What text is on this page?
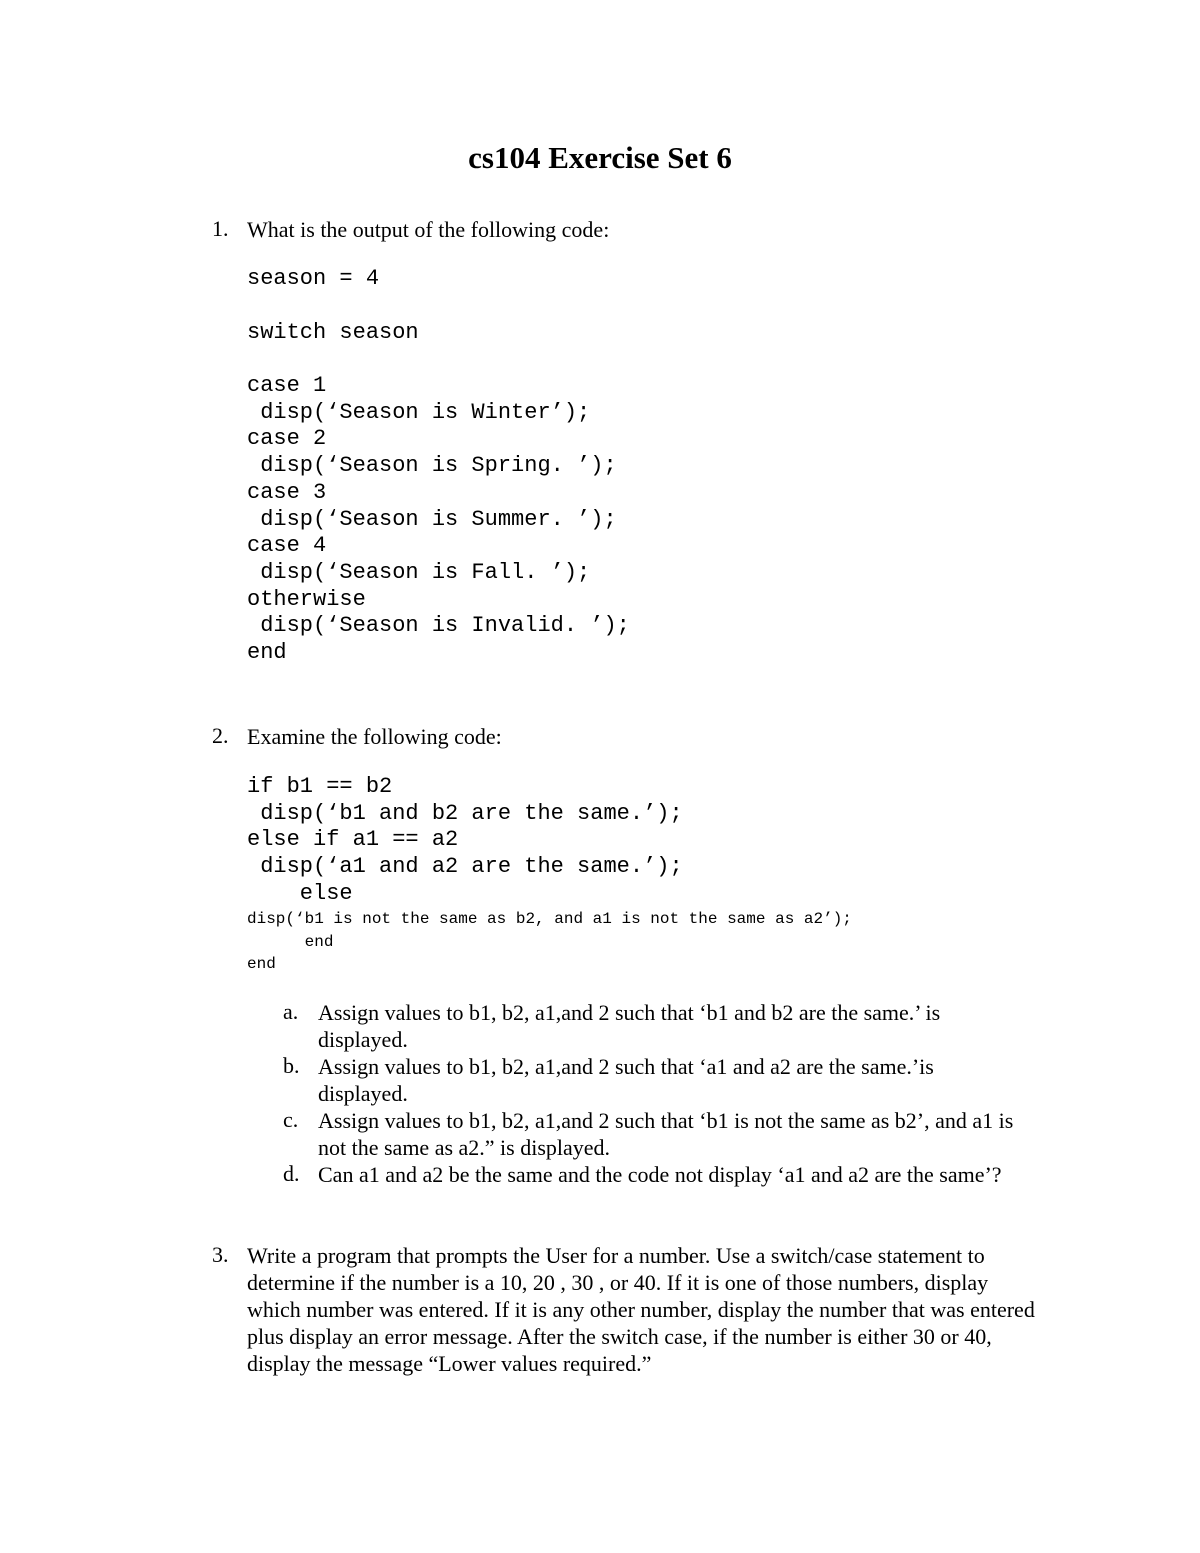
cs104 Exercise Set 6
1. What is the output of the following code:
season = 4
switch season
case 1
disp(‘Season is Winter’);
case 2
disp(‘Season is Spring. ’);
case 3
disp(‘Season is Summer. ’);
case 4
disp(‘Season is Fall. ’);
otherwise
disp(‘Season is Invalid. ’);
end
2. Examine the following code:
if b1 == b2
disp(‘b1 and b2 are the same.’);
else if a1 == a2
disp(‘a1 and a2 are the same.’);
else
disp(‘b1 is not the same as b2, and a1 is not the same as a2’);
end
end
a. Assign values to b1, b2, a1,and 2 such that ‘b1 and b2 are the same.’ is displayed.
b. Assign values to b1, b2, a1,and 2 such that ‘a1 and a2 are the same.’is displayed.
c. Assign values to b1, b2, a1,and 2 such that ‘b1 is not the same as b2’, and a1 is not the same as a2.” is displayed.
d. Can a1 and a2 be the same and the code not display ‘a1 and a2 are the same’?
3. Write a program that prompts the User for a number. Use a switch/case statement to determine if the number is a 10, 20 , 30 , or 40. If it is one of those numbers, display which number was entered. If it is any other number, display the number that was entered plus display an error message. After the switch case, if the number is either 30 or 40, display the message “Lower values required.”
